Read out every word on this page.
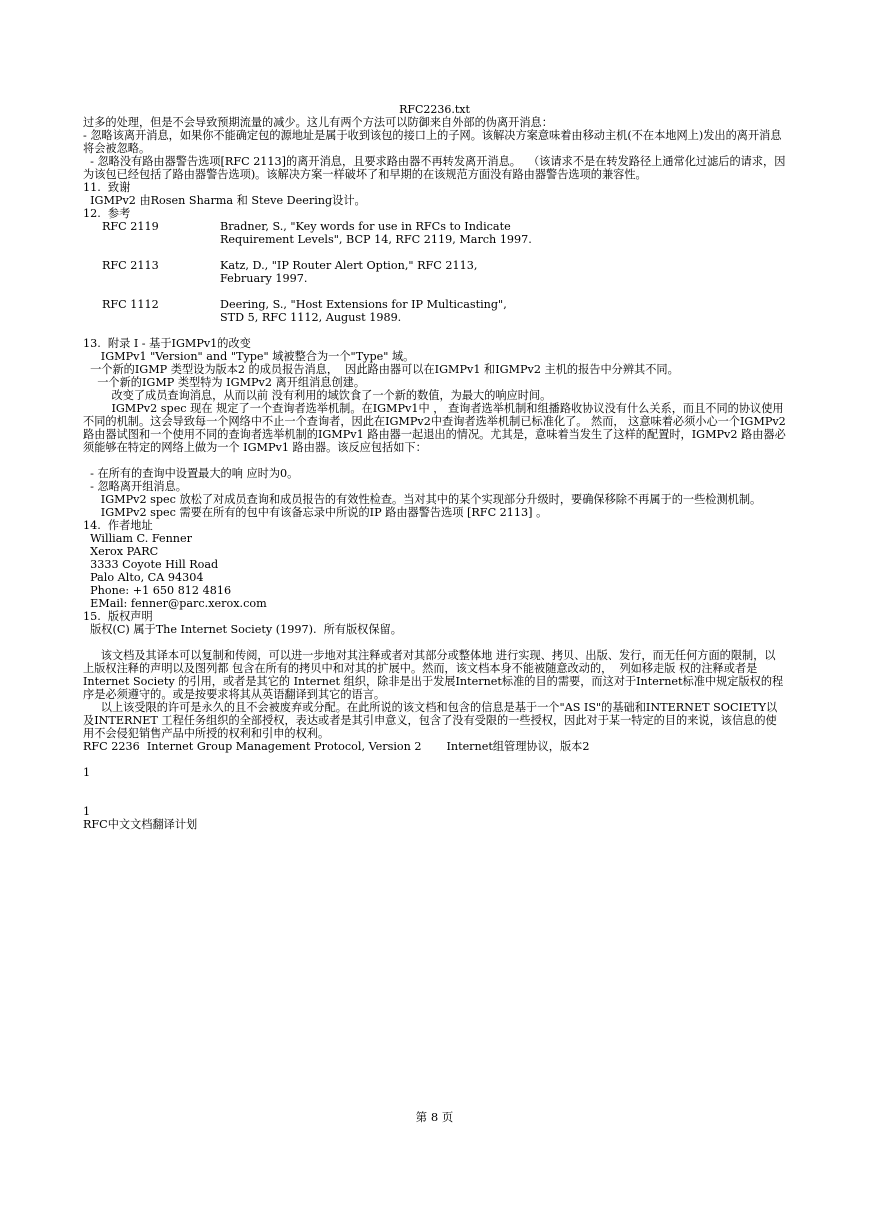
RFC2236.txt
过多的处理，但是不会导致预期流量的减少。这儿有两个方法可以防御来自外部的伪离开消息：
- 忽略该离开消息，如果你不能确定包的源地址是属于收到该包的接口上的子网。该解决方案意味着由移动主机(不在本地网上)发出的离开消息将会被忽略。
- 忽略没有路由器警告选项[RFC 2113]的离开消息，且要求路由器不再转发离开消息。  （该请求不是在转发路径上通常化过滤后的请求，因为该包已经包括了路由器警告选项)。该解决方案一样破坏了和早期的在该规范方面没有路由器警告选项的兼容性。
11.  致谢
IGMPv2 由Rosen Sharma 和 Steve Deering设计。
12.  参考
RFC 2119	Bradner, S., "Key words for use in RFCs to Indicate
Requirement Levels", BCP 14, RFC 2119, March 1997.
RFC 2113	Katz, D., "IP Router Alert Option," RFC 2113,
February 1997.
RFC 1112	Deering, S., "Host Extensions for IP Multicasting",
STD 5, RFC 1112, August 1989.
13.  附录 I - 基于IGMPv1的改变
IGMPv1 "Version" and "Type" 域被整合为一个"Type" 域。
一个新的IGMP 类型设为版本2 的成员报告消息，  因此路由器可以在IGMPv1 和IGMPv2 主机的报告中分辨其不同。
一个新的IGMP 类型特为 IGMPv2 离开组消息创建。
改变了成员查询消息，从而以前 没有利用的域饮食了一个新的数值，为最大的响应时间。
IGMPv2 spec 现在 规定了一个查询者选举机制。在IGMPv1中 ， 查询者选举机制和组播路收协议没有什么关系，而且不同的协议使用不同的机制。这会导致每一个网络中不止一个查询者，因此在IGMPv2中查询者选举机制已标准化了。 然而， 这意味着必须小心一个IGMPv2 路由器试图和一个使用不同的查询者选举机制的IGMPv1 路由器一起退出的情况。尤其是，意味着当发生了这样的配置时，IGMPv2 路由器必须能够在特定的网络上做为一个 IGMPv1 路由器。该反应包括如下：
- 在所有的查询中设置最大的响 应时为0。
- 忽略离开组消息。
IGMPv2 spec 放松了对成员查询和成员报告的有效性检查。当对其中的某个实现部分升级时，要确保移除不再属于的一些检测机制。
IGMPv2 spec 需要在所有的包中有该备忘录中所说的IP 路由器警告选项 [RFC 2113] 。
14.  作者地址
William C. Fenner
Xerox PARC
3333 Coyote Hill Road
Palo Alto, CA 94304
Phone: +1 650 812 4816
EMail: fenner@parc.xerox.com
15.  版权声明
版权(C) 属于The Internet Society (1997).  所有版权保留。
该文档及其译本可以复制和传阅，可以进一步地对其注释或者对其部分或整体地 进行实现、拷贝、出版、发行，而无任何方面的限制，以上版权注释的声明以及图列都 包含在所有的拷贝中和对其的扩展中。然而，该文档本身不能被随意改动的，  列如移走版 权的注释或者是Internet Society 的引用，或者是其它的 Internet 组织，除非是出于发展Internet标准的目的需要，而这对于Internet标准中规定版权的程序是必须遵守的。或是按要求将其从英语翻译到其它的语言。
以上该受限的许可是永久的且不会被废弃或分配。在此所说的该文档和包含的信息是基于一个"AS IS"的基础和INTERNET SOCIETY以及INTERNET 工程任务组织的全部授权，表达或者是其引申意义，包含了没有受限的一些授权，因此对于某一特定的目的来说，该信息的使用不会侵犯销售产品中所授的权利和引申的权利。
RFC 2236  Internet Group Management Protocol, Version 2       Internet组管理协议，版本2
1
1
RFC中文文档翻译计划
第 8 页
